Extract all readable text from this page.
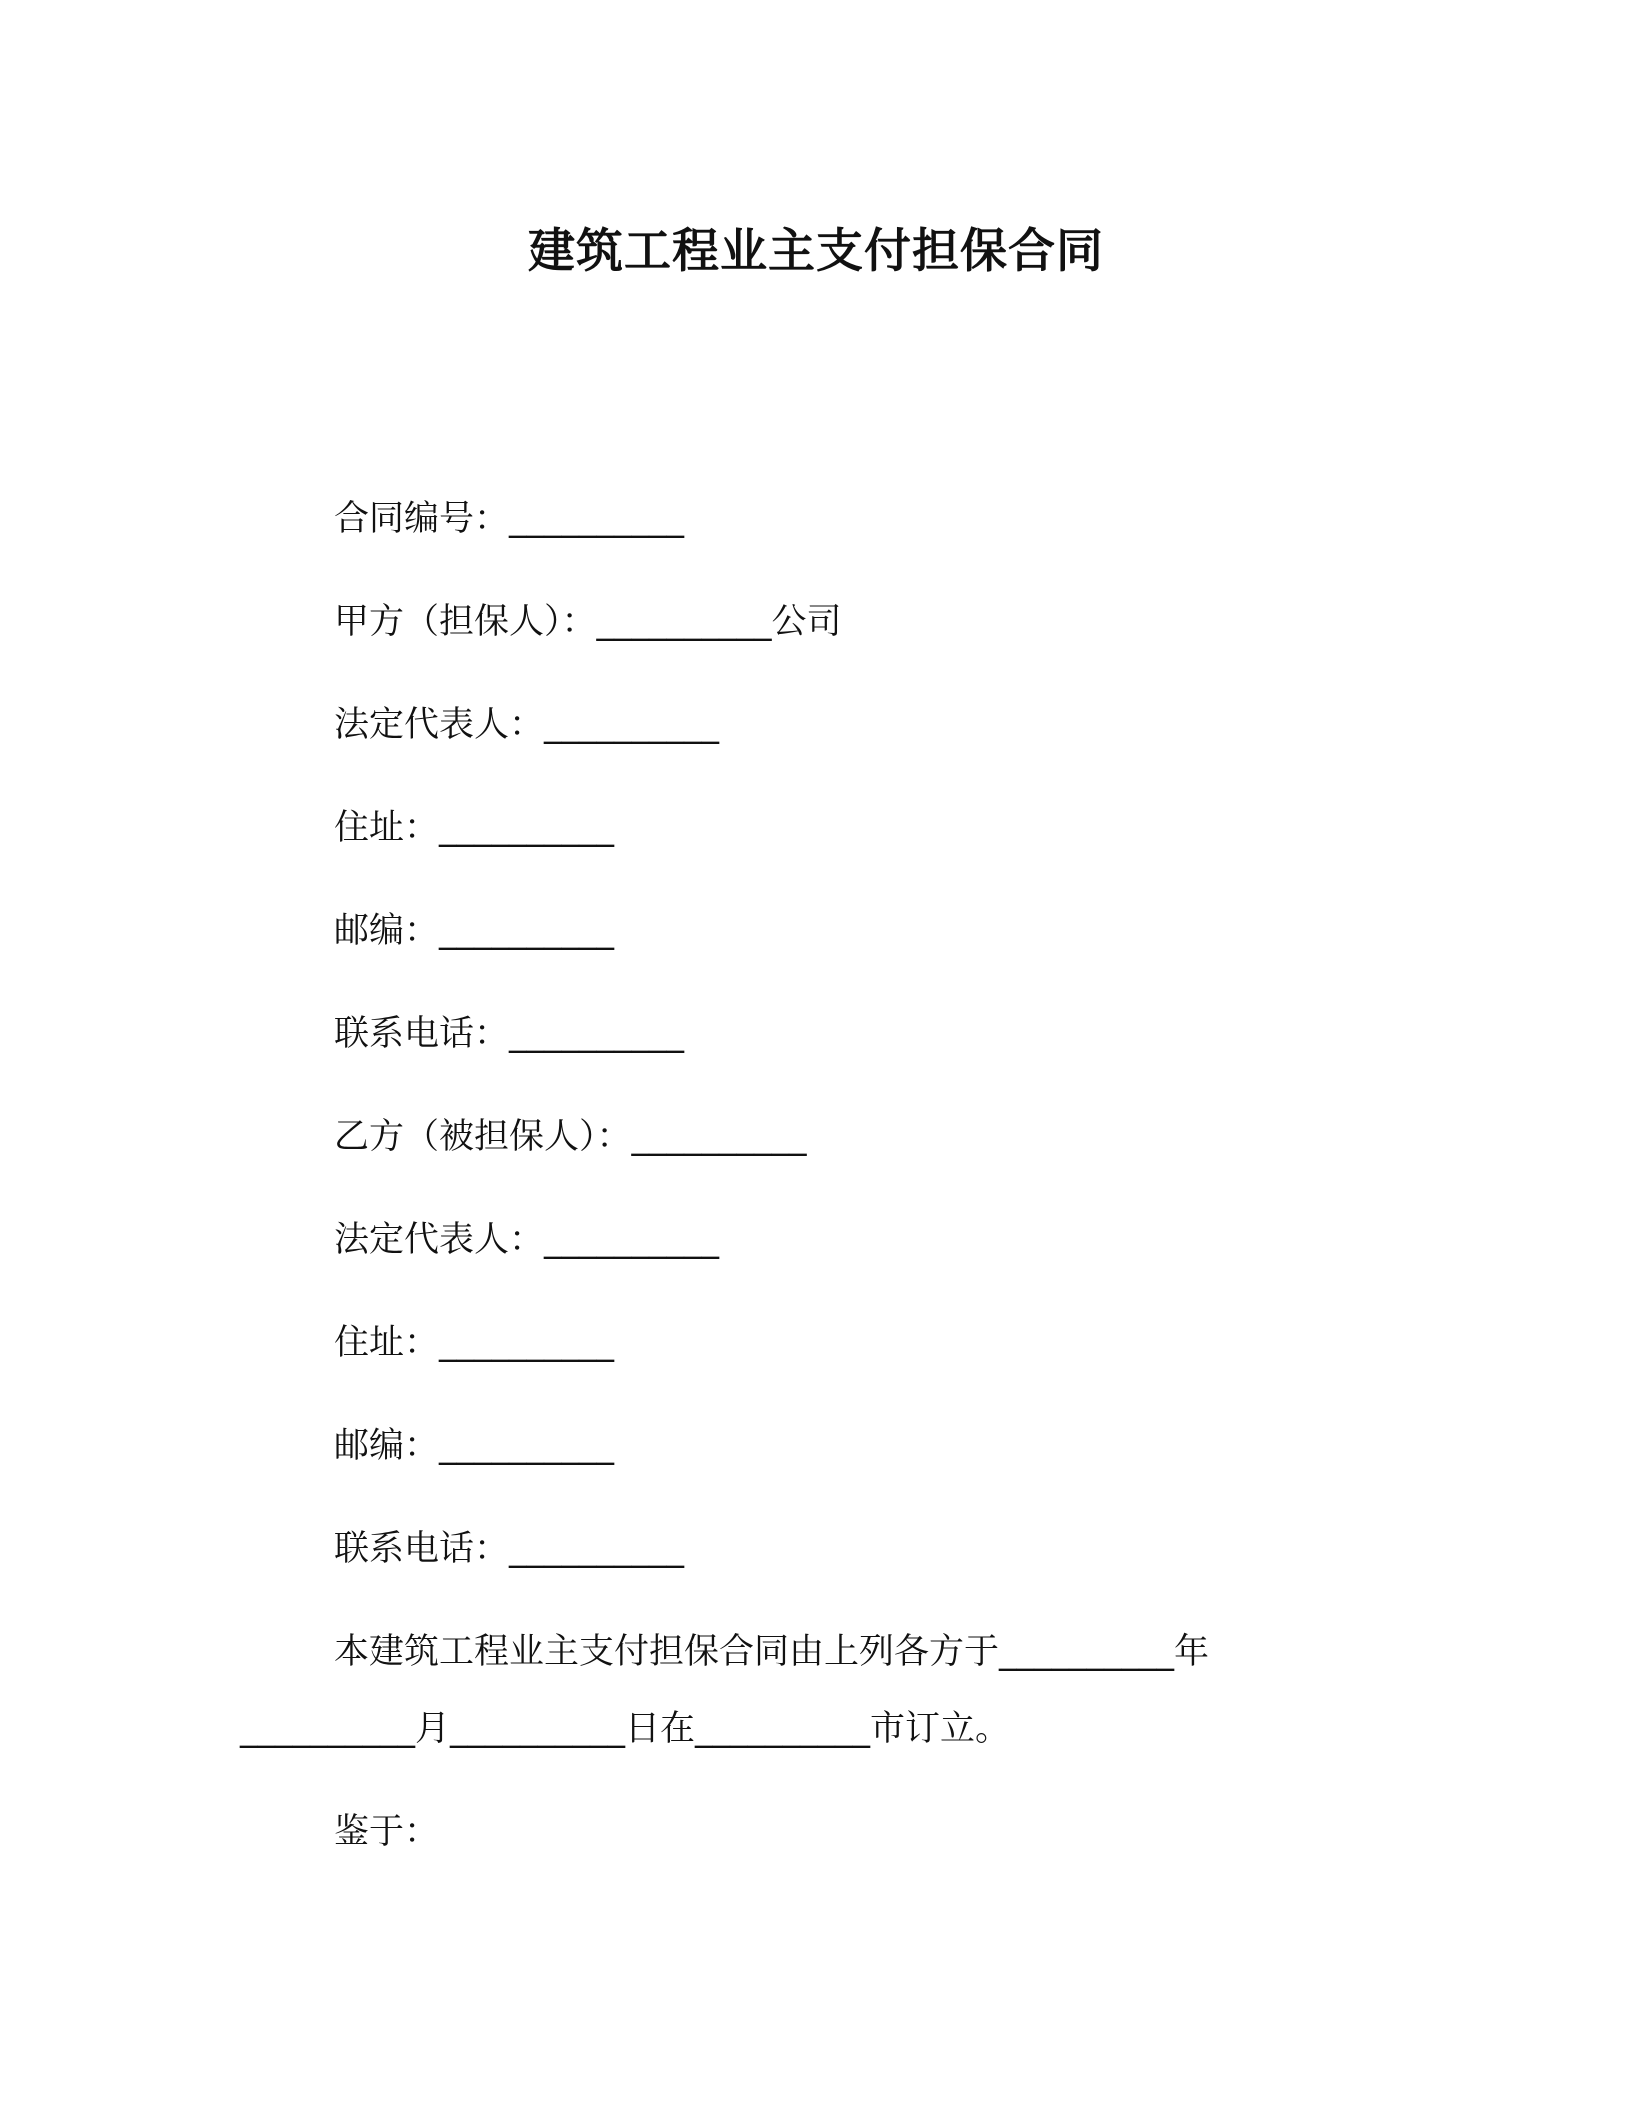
建筑工程业主支付担保合同
合同编号：__________
甲方（担保人）：__________公司
法定代表人：__________
住址：__________
邮编：__________
联系电话：__________
乙方（被担保人）：__________
法定代表人：__________
住址：__________
邮编：__________
联系电话：__________
本建筑工程业主支付担保合同由上列各方于__________年
__________月__________日在__________市订立。
鉴于：
